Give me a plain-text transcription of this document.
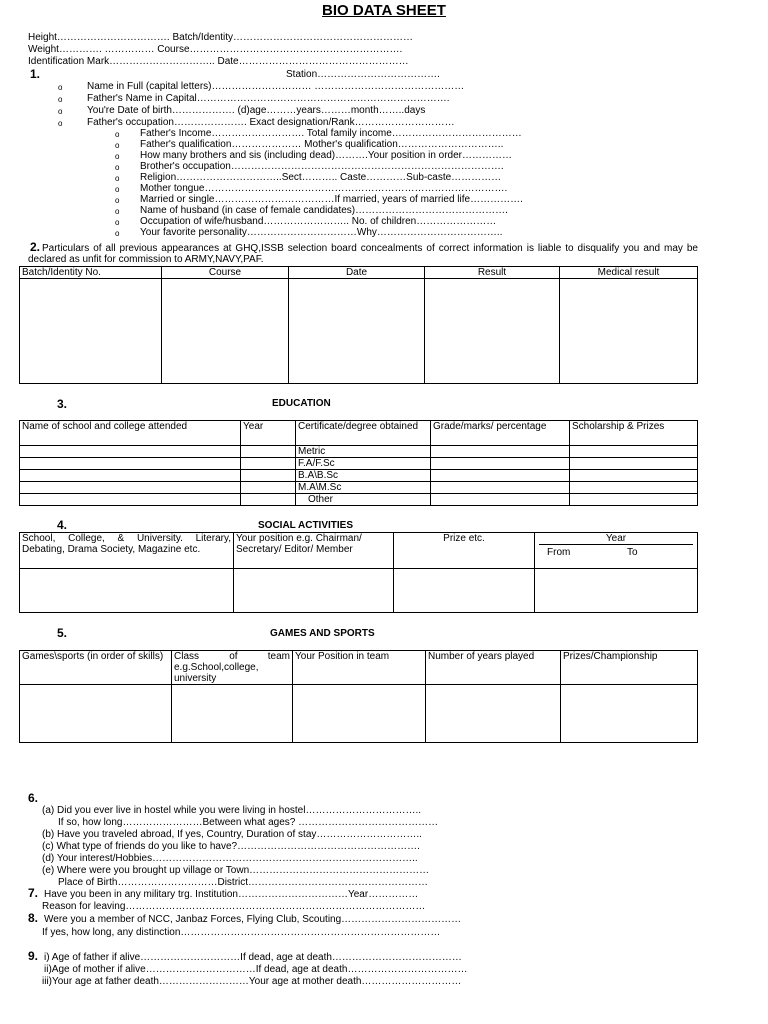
BIO DATA SHEET
Height……………………………. Batch/Identity………………………………………………
Weight…………. …………… Course……………………………………………………….
Identification Mark………………………….. Date……………………………………………
1.	Station……………………………….
o Name in Full (capital letters)………………………… ………………………………………
o Father's Name in Capital………………………………………………………………….
o You're Date of birth………………. (d)age………years………month……..days
o Father's occupation…………………. Exact designation/Rank…………………………
o Father's Income………………………. Total family income…………………………………
o Father's qualification………………… Mother's qualification…………………………..
o How many brothers and sis (including dead)……….Your position in order……………
o Brother's occupation……………………………………………………………………….
o Religion…………………………..Sect……….. Caste…………Sub-caste……………
o Mother tongue……………………………………………………………………………….
o Married or single………………………………If married, years of married life…………….
o Name of husband (in case of female candidates)……………………………………….
o Occupation of wife/husband…………………….. No. of children……………………
o Your favorite personality……………………………Why………………………………..
2. Particulars of all previous appearances at GHQ,ISSB selection board concealments of correct information is liable to disqualify you and may be declared as unfit for commission to ARMY,NAVY,PAF.
Batch/Identity No.	Course	Date	Result	Medical result

3.	EDUCATION
Name of school and college attended	Year	Certificate/degree obtained	Grade/marks/ percentage	Scholarship & Prizes
		Metric		
		F.A/F.Sc		
		B.A\B.Sc		
		M.A\M.Sc		
		Other		
4.	SOCIAL ACTIVITIES
School, College, & University. Literary, Debating, Drama Society, Magazine etc.	Your position e.g. Chairman/ Secretary/ Editor/ Member	Prize etc.	Year
From To

5.	GAMES AND SPORTS
Games\sports (in order of skills)	Class of team e.g.School,college, university	Your Position in team	Number of years played	Prizes/Championship

6.
(a) Did you ever live in hostel while you were living in hostel……………………………..
If so, how long……………………Between what ages? ……………………………………
(b) Have you traveled abroad, If yes, Country, Duration of stay…………………………..
(c) What type of friends do you like to have?……………………………………………….
(d) Your interest/Hobbies……………………………………………………………………..
(e) Where were you brought up village or Town………………………………………………
Place of Birth…………………………District………………………………………………
7. Have you been in any military trg. Institution……………………………Year……………
Reason for leaving………………………………………………………………………………
8. Were you a member of NCC, Janbaz Forces, Flying Club, Scouting………………………………
If yes, how long, any distinction……………………………………………………………………
9. i) Age of father if alive…………………………If dead, age at death…………………………………
ii)Age of mother if alive……………………………If dead, age at death………………………………
iii)Your age at father death………………………Your age at mother death…………………………
